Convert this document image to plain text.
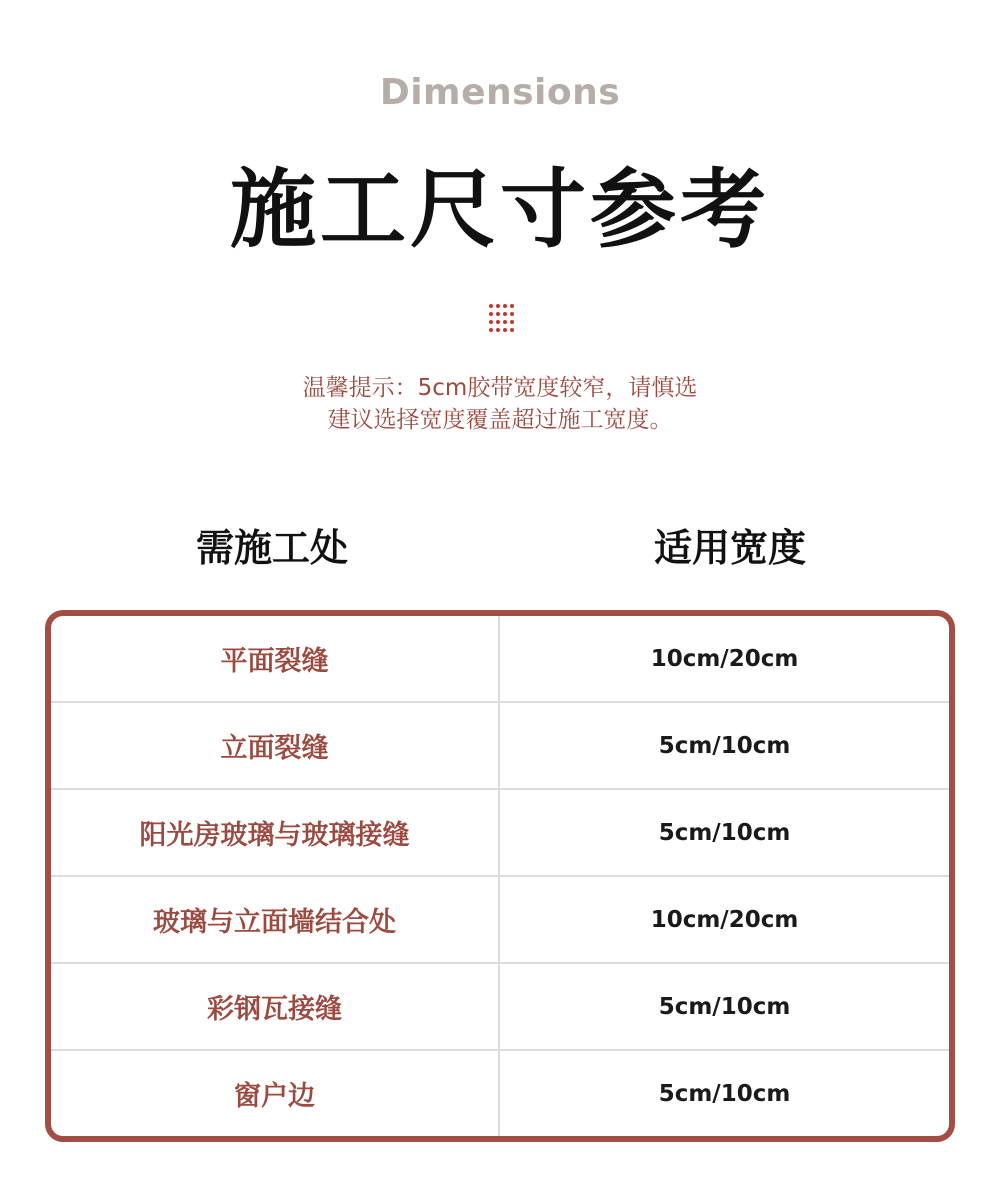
Dimensions
施工尺寸参考
温馨提示：5cm胶带宽度较窄，请慎选
建议选择宽度覆盖超过施工宽度。
需施工处	适用宽度
平面裂缝	10cm/20cm
立面裂缝	5cm/10cm
阳光房玻璃与玻璃接缝	5cm/10cm
玻璃与立面墙结合处	10cm/20cm
彩钢瓦接缝	5cm/10cm
窗户边	5cm/10cm
